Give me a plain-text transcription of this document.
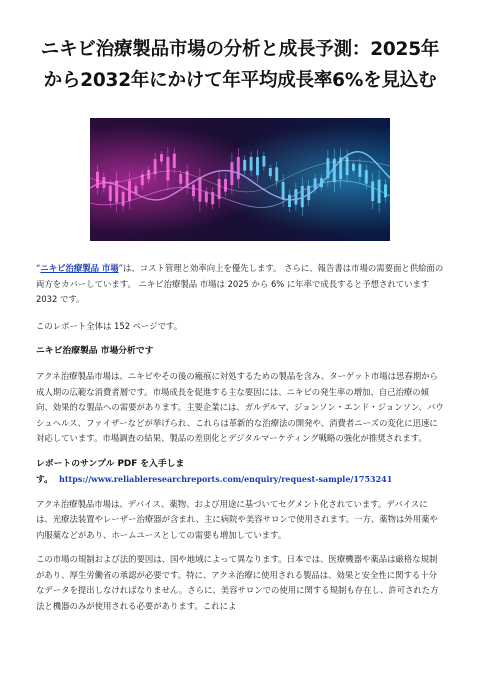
ニキビ治療製品市場の分析と成長予測：2025年から2032年にかけて年平均成長率6%を見込む

“ニキビ治療製品 市場”は、コスト管理と効率向上を優先します。 さらに、報告書は市場の需要面と供給面の両方をカバーしています。 ニキビ治療製品 市場は 2025 から 6% に年率で成長すると予想されています2032 です。

このレポート全体は 152 ページです。

ニキビ治療製品 市場分析です

アクネ治療製品市場は、ニキビやその後の瘢痕に対処するための製品を含み、ターゲット市場は思春期から成人期の広範な消費者層です。市場成長を促進する主な要因には、ニキビの発生率の増加、自己治療の傾向、効果的な製品への需要があります。主要企業には、ガルデルマ、ジョンソン・エンド・ジョンソン、バウシュヘルス、ファイザーなどが挙げられ、これらは革新的な治療法の開発や、消費者ニーズの変化に迅速に対応しています。市場調査の結果、製品の差別化とデジタルマーケティング戦略の強化が推奨されます。

レポートのサンプル PDF を入手しま
す。 https://www.reliableresearchreports.com/enquiry/request-sample/1753241

アクネ治療製品市場は、デバイス、薬物、および用途に基づいてセグメント化されています。デバイスには、光療法装置やレーザー治療器が含まれ、主に病院や美容サロンで使用されます。一方、薬物は外用薬や内服薬などがあり、ホームユースとしての需要も増加しています。

この市場の規制および法的要因は、国や地域によって異なります。日本では、医療機器や薬品は厳格な規制があり、厚生労働省の承認が必要です。特に、アクネ治療に使用される製品は、効果と安全性に関する十分なデータを提出しなければなりません。さらに、美容サロンでの使用に関する規制も存在し、許可された方法と機器のみが使用される必要があります。これによ
